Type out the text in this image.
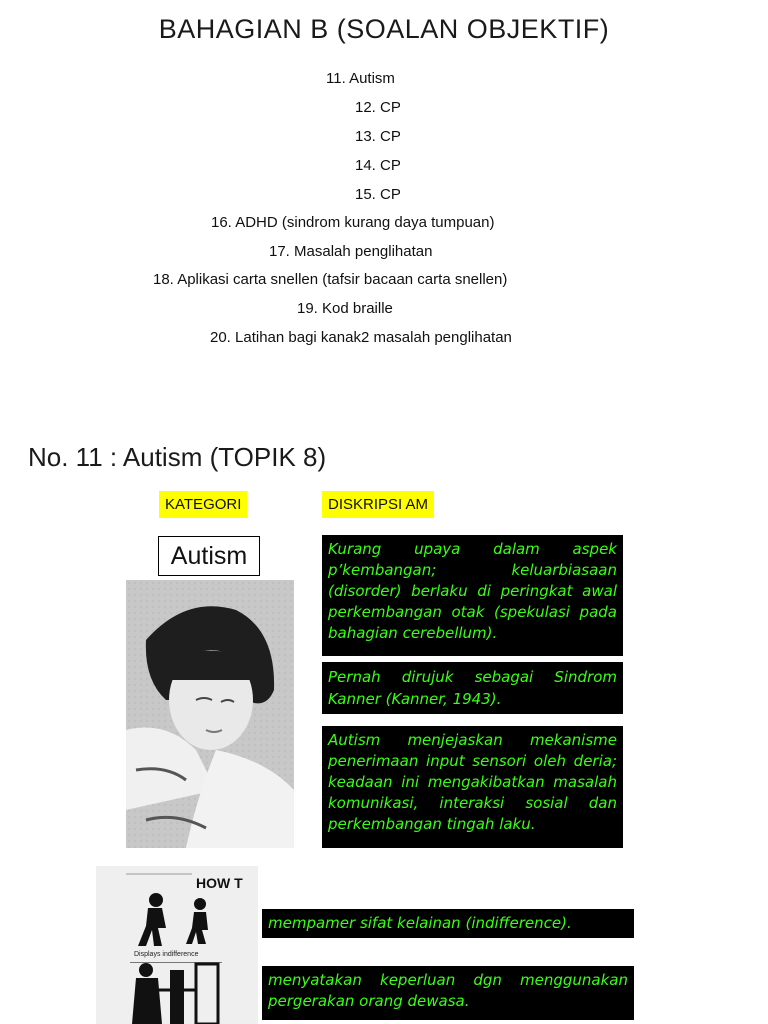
BAHAGIAN B (SOALAN OBJEKTIF)
11. Autism
12. CP
13. CP
14. CP
15. CP
16. ADHD (sindrom kurang daya tumpuan)
17. Masalah penglihatan
18. Aplikasi carta snellen (tafsir bacaan carta snellen)
19. Kod braille
20. Latihan bagi kanak2 masalah penglihatan
No. 11 : Autism (TOPIK 8)
KATEGORI	DISKRIPSI AM
Autism	Kurang upaya dalam aspek p’kembangan; keluarbiasaan (disorder) berlaku di peringkat awal perkembangan otak (spekulasi pada bahagian cerebellum).
Pernah dirujuk sebagai Sindrom Kanner (Kanner, 1943).
Autism menjejaskan mekanisme penerimaan input sensori oleh deria; keadaan ini mengakibatkan masalah komunikasi, interaksi sosial dan perkembangan tingah laku.
HOW T
Displays indifference
mempamer sifat kelainan (indifference).
menyatakan keperluan dgn menggunakan pergerakan orang dewasa.
